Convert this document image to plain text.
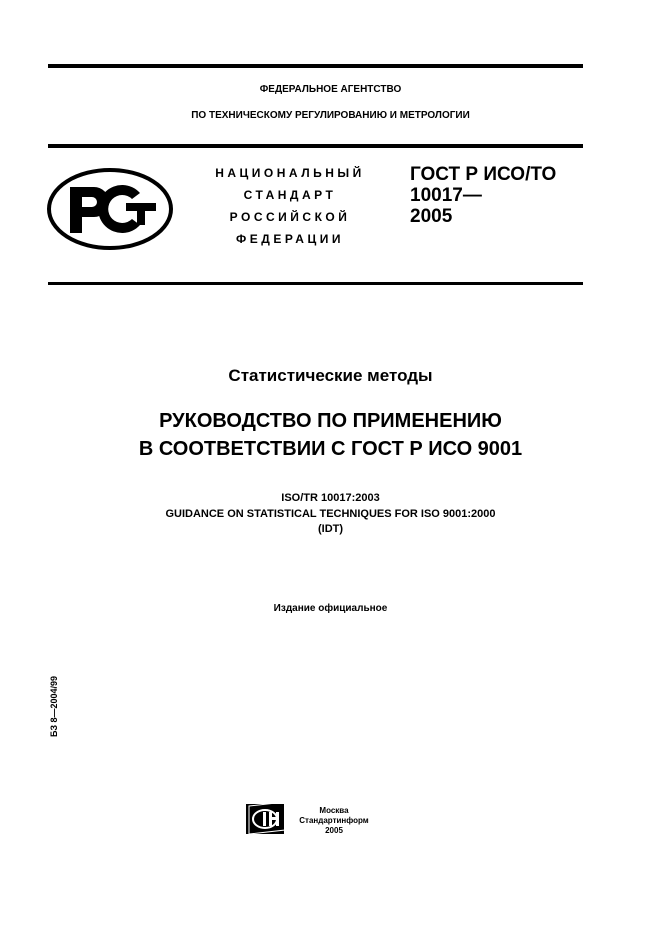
ФЕДЕРАЛЬНОЕ АГЕНТСТВО
ПО ТЕХНИЧЕСКОМУ РЕГУЛИРОВАНИЮ И МЕТРОЛОГИИ
НАЦИОНАЛЬНЫЙ
СТАНДАРТ
РОССИЙСКОЙ
ФЕДЕРАЦИИ
ГОСТ Р ИСО/ТО
10017—
2005
Статистические методы
РУКОВОДСТВО ПО ПРИМЕНЕНИЮ
В СООТВЕТСТВИИ С ГОСТ Р ИСО 9001
ISO/TR 10017:2003
GUIDANCE ON STATISTICAL TECHNIQUES FOR ISO 9001:2000
(IDT)
Издание официальное
БЗ 8—2004/99
Москва
Стандартинформ
2005
